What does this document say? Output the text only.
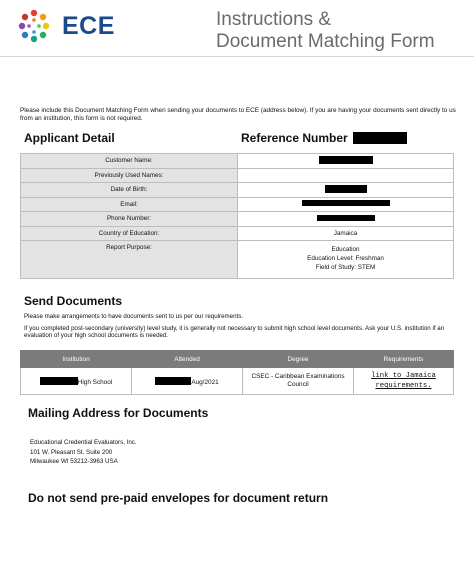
ECE	Instructions &
Document Matching Form
Please include this Document Matching Form when sending your documents to ECE (address below). If you are having your documents sent directly to us from an institution, this form is not required.
Applicant Detail	Reference Number
Customer Name:	
Previously Used Names:	
Date of Birth:	
Email:	
Phone Number:	
Country of Education:	Jamaica
Report Purpose:	Education
Education Level: Freshman
Field of Study: STEM
Send Documents
Please make arrangements to have documents sent to us per our requirements.
If you completed post-secondary (university) level study, it is generally not necessary to submit high school level documents. Ask your U.S. institution if an evaluation of your high school documents is needed.
Institution	Attended	Degree	Requirements
High School	Aug/2021	CSEC - Caribbean Examinations Council	link to Jamaica
requirements.
Mailing Address for Documents
Educational Credential Evaluators, Inc.
101 W. Pleasant St. Suite 200
Milwaukee WI 53212-3963 USA
Do not send pre-paid envelopes for document return
